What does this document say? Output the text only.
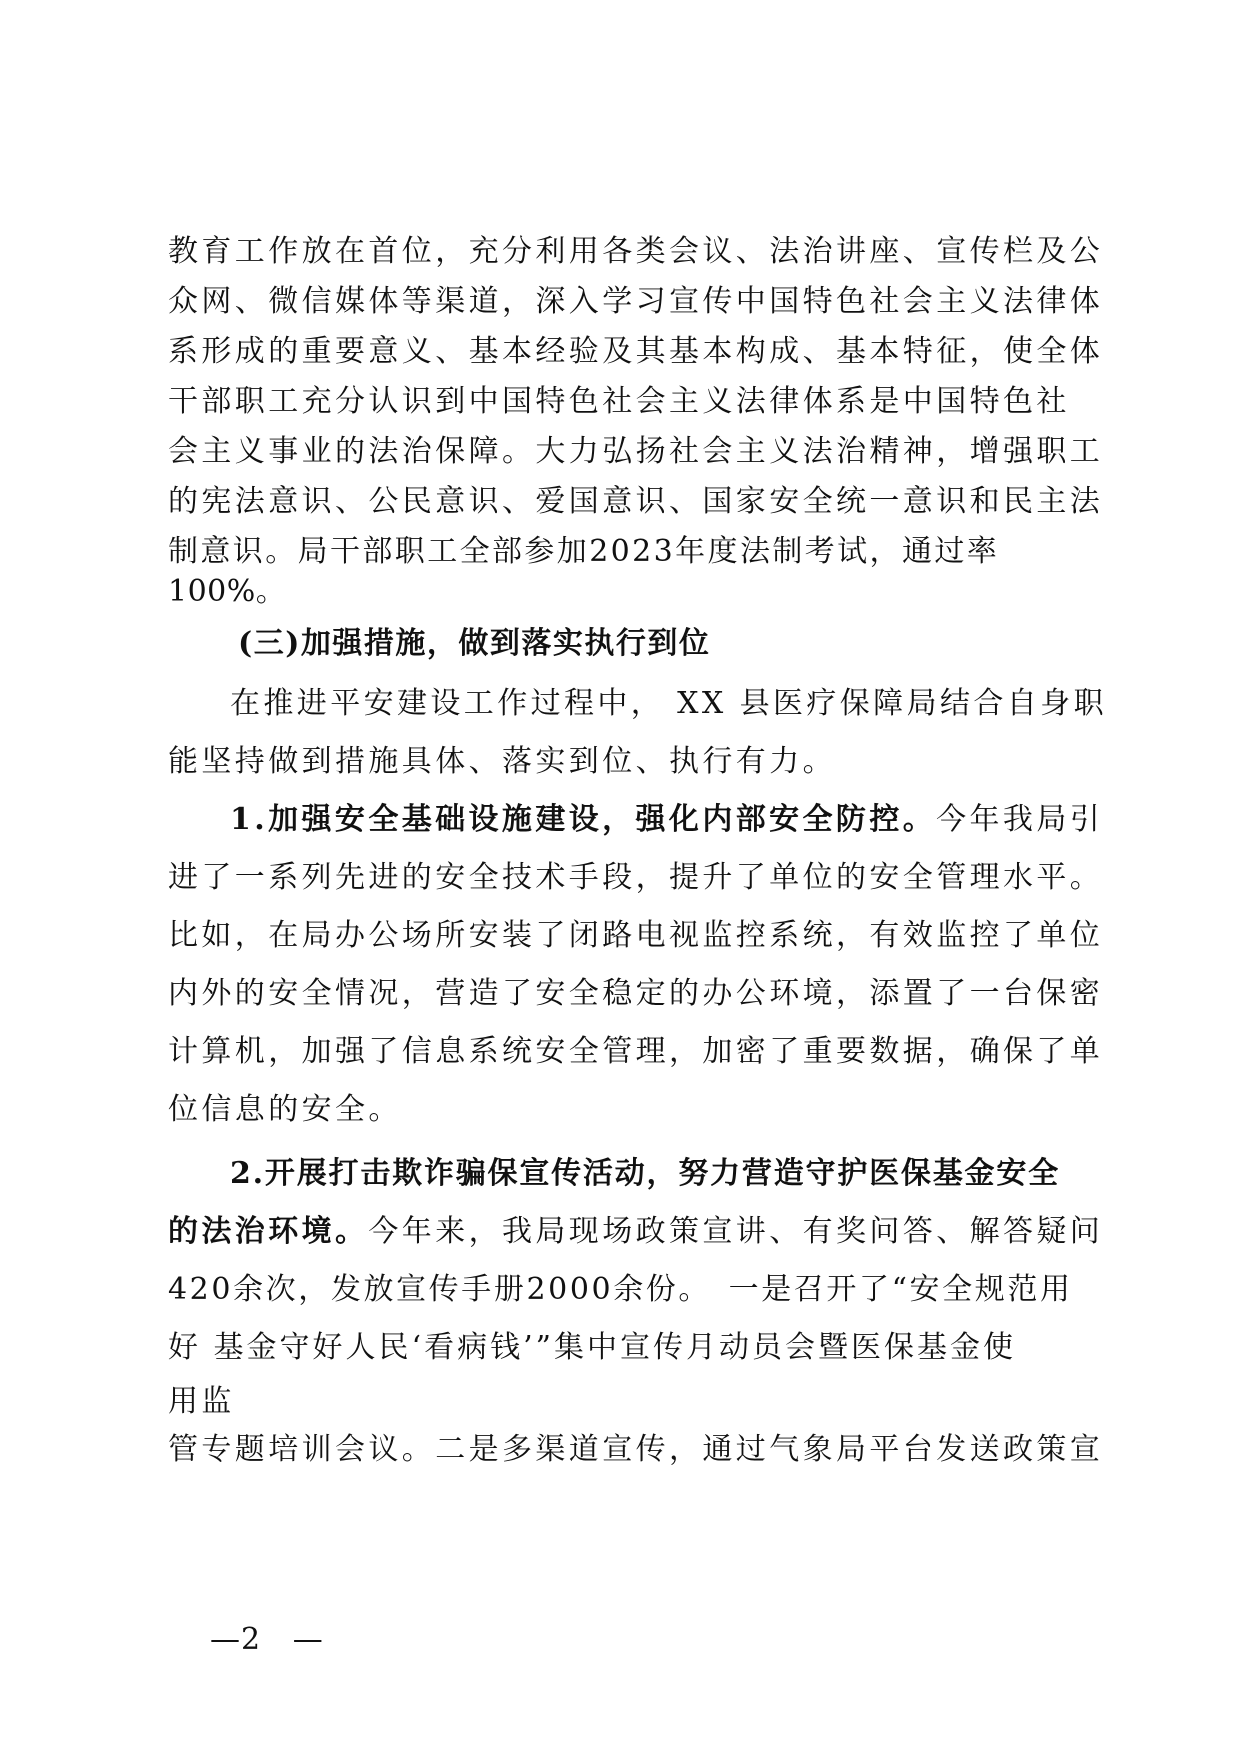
教育工作放在首位，充分利用各类会议、法治讲座、宣传栏及公
众网、微信媒体等渠道，深入学习宣传中国特色社会主义法律体
系形成的重要意义、基本经验及其基本构成、基本特征，使全体
干部职工充分认识到中国特色社会主义法律体系是中国特色社
会主义事业的法治保障。大力弘扬社会主义法治精神，增强职工
的宪法意识、公民意识、爱国意识、国家安全统一意识和民主法
制意识。局干部职工全部参加2023年度法制考试，通过率
100%。
(三)加强措施，做到落实执行到位
在推进平安建设工作过程中， XX 县医疗保障局结合自身职
能坚持做到措施具体、落实到位、执行有力。
1.加强安全基础设施建设，强化内部安全防控。今年我局引
进了一系列先进的安全技术手段，提升了单位的安全管理水平。
比如，在局办公场所安装了闭路电视监控系统，有效监控了单位
内外的安全情况，营造了安全稳定的办公环境，添置了一台保密
计算机，加强了信息系统安全管理，加密了重要数据，确保了单
位信息的安全。
2.开展打击欺诈骗保宣传活动，努力营造守护医保基金安全
的法治环境。今年来，我局现场政策宣讲、有奖问答、解答疑问
420余次，发放宣传手册2000余份。　一是召开了“安全规范用
好 基金守好人民‘看病钱’”集中宣传月动员会暨医保基金使
用监
管专题培训会议。二是多渠道宣传，通过气象局平台发送政策宣
—2   —
